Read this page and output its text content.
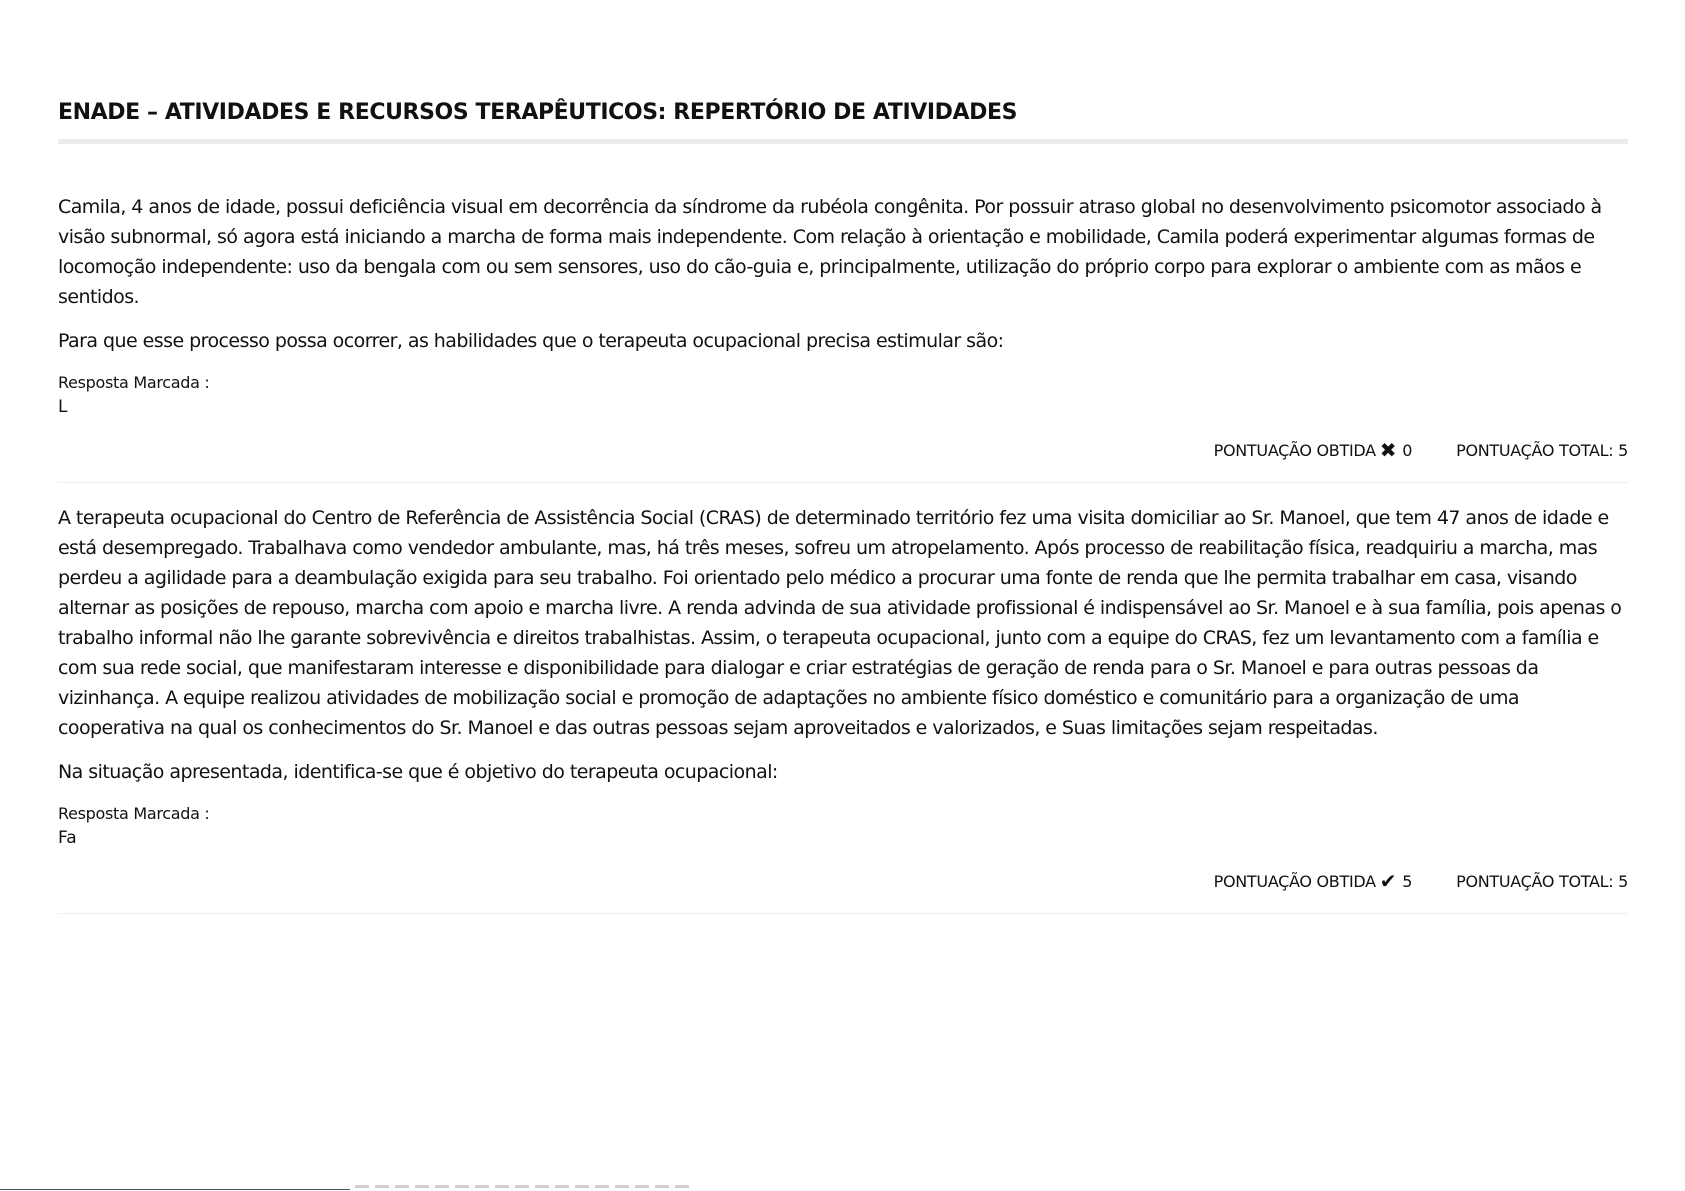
ENADE – ATIVIDADES E RECURSOS TERAPÊUTICOS: REPERTÓRIO DE ATIVIDADES

Camila, 4 anos de idade, possui deficiência visual em decorrência da síndrome da rubéola congênita. Por possuir atraso global no desenvolvimento psicomotor associado à visão subnormal, só agora está iniciando a marcha de forma mais independente. Com relação à orientação e mobilidade, Camila poderá experimentar algumas formas de locomoção independente: uso da bengala com ou sem sensores, uso do cão-guia e, principalmente, utilização do próprio corpo para explorar o ambiente com as mãos e sentidos.

Para que esse processo possa ocorrer, as habilidades que o terapeuta ocupacional precisa estimular são:

Resposta Marcada :
L
PONTUAÇÃO OBTIDA ✖ 0	PONTUAÇÃO TOTAL: 5

A terapeuta ocupacional do Centro de Referência de Assistência Social (CRAS) de determinado território fez uma visita domiciliar ao Sr. Manoel, que tem 47 anos de idade e está desempregado. Trabalhava como vendedor ambulante, mas, há três meses, sofreu um atropelamento. Após processo de reabilitação física, readquiriu a marcha, mas perdeu a agilidade para a deambulação exigida para seu trabalho. Foi orientado pelo médico a procurar uma fonte de renda que lhe permita trabalhar em casa, visando alternar as posições de repouso, marcha com apoio e marcha livre. A renda advinda de sua atividade profissional é indispensável ao Sr. Manoel e à sua família, pois apenas o trabalho informal não lhe garante sobrevivência e direitos trabalhistas. Assim, o terapeuta ocupacional, junto com a equipe do CRAS, fez um levantamento com a família e com sua rede social, que manifestaram interesse e disponibilidade para dialogar e criar estratégias de geração de renda para o Sr. Manoel e para outras pessoas da vizinhança. A equipe realizou atividades de mobilização social e promoção de adaptações no ambiente físico doméstico e comunitário para a organização de uma cooperativa na qual os conhecimentos do Sr. Manoel e das outras pessoas sejam aproveitados e valorizados, e Suas limitações sejam respeitadas.

Na situação apresentada, identifica-se que é objetivo do terapeuta ocupacional:

Resposta Marcada :
Fa
PONTUAÇÃO OBTIDA ✔ 5	PONTUAÇÃO TOTAL: 5
